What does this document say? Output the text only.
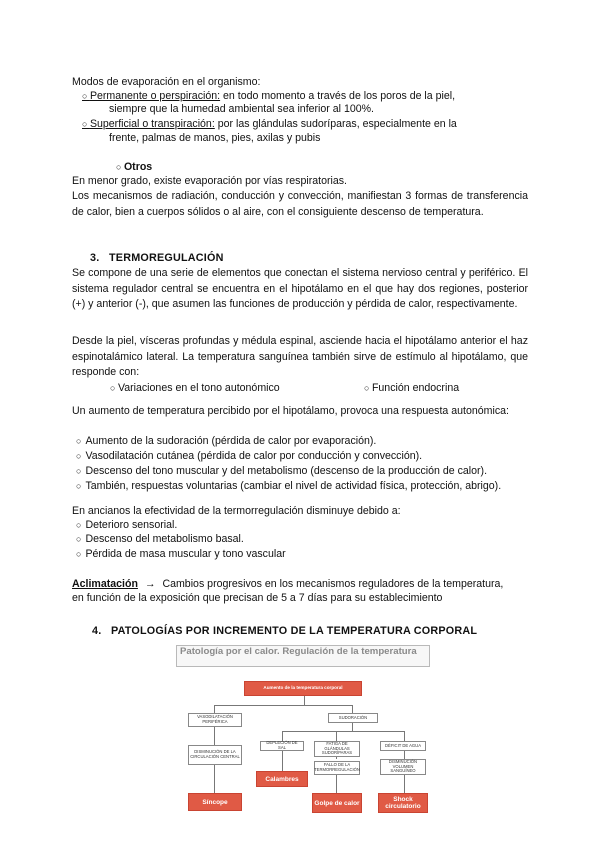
Modos de evaporación en el organismo:
○ Permanente o perspiración: en todo momento a través de los poros de la piel,
siempre que la humedad ambiental sea inferior al 100%.
○ Superficial o transpiración: por las glándulas sudoríparas, especialmente en la
frente, palmas de manos, pies, axilas y pubis
○ Otros
En menor grado, existe evaporación por vías respiratorias.
Los mecanismos de radiación, conducción y convección, manifiestan 3 formas de transferencia de calor, bien a cuerpos sólidos o al aire, con el consiguiente descenso de temperatura.
3. TERMOREGULACIÓN
Se compone de una serie de elementos que conectan el sistema nervioso central y periférico. El sistema regulador central se encuentra en el hipotálamo en el que hay dos regiones, posterior (+) y anterior (-), que asumen las funciones de producción y pérdida de calor, respectivamente.
Desde la piel, vísceras profundas y médula espinal, asciende hacia el hipotálamo anterior el haz espinotalámico lateral. La temperatura sanguínea también sirve de estímulo al hipotálamo, que responde con:
○ Variaciones en el tono autonómico	○ Función endocrina
Un aumento de temperatura percibido por el hipotálamo, provoca una respuesta autonómica:
○ Aumento de la sudoración (pérdida de calor por evaporación).
○ Vasodilatación cutánea (pérdida de calor por conducción y convección).
○ Descenso del tono muscular y del metabolismo (descenso de la producción de calor).
○ También, respuestas voluntarias (cambiar el nivel de actividad física, protección, abrigo).
En ancianos la efectividad de la termorregulación disminuye debido a:
○ Deterioro sensorial.
○ Descenso del metabolismo basal.
○ Pérdida de masa muscular y tono vascular
Aclimatación → Cambios progresivos en los mecanismos reguladores de la temperatura,
en función de la exposición que precisan de 5 a 7 días para su establecimiento
4. PATOLOGÍAS POR INCREMENTO DE LA TEMPERATURA CORPORAL
Patología por el calor. Regulación de la temperatura
Aumento de la temperatura corporal
VASODILATACIÓN PERIFÉRICA
SUDORACIÓN
DISMINUCIÓN DE LA CIRCULACIÓN CENTRAL
DEPLECIÓN DE SAL
FATIGA DE GLÁNDULAS SUDORÍPARAS
FALLO DE LA TERMORREGULACIÓN
DÉFICIT DE AGUA
DISMINUCIÓN VOLUMEN SANGUÍNEO
Calambres
Síncope	Golpe de calor	Shock circulatorio
